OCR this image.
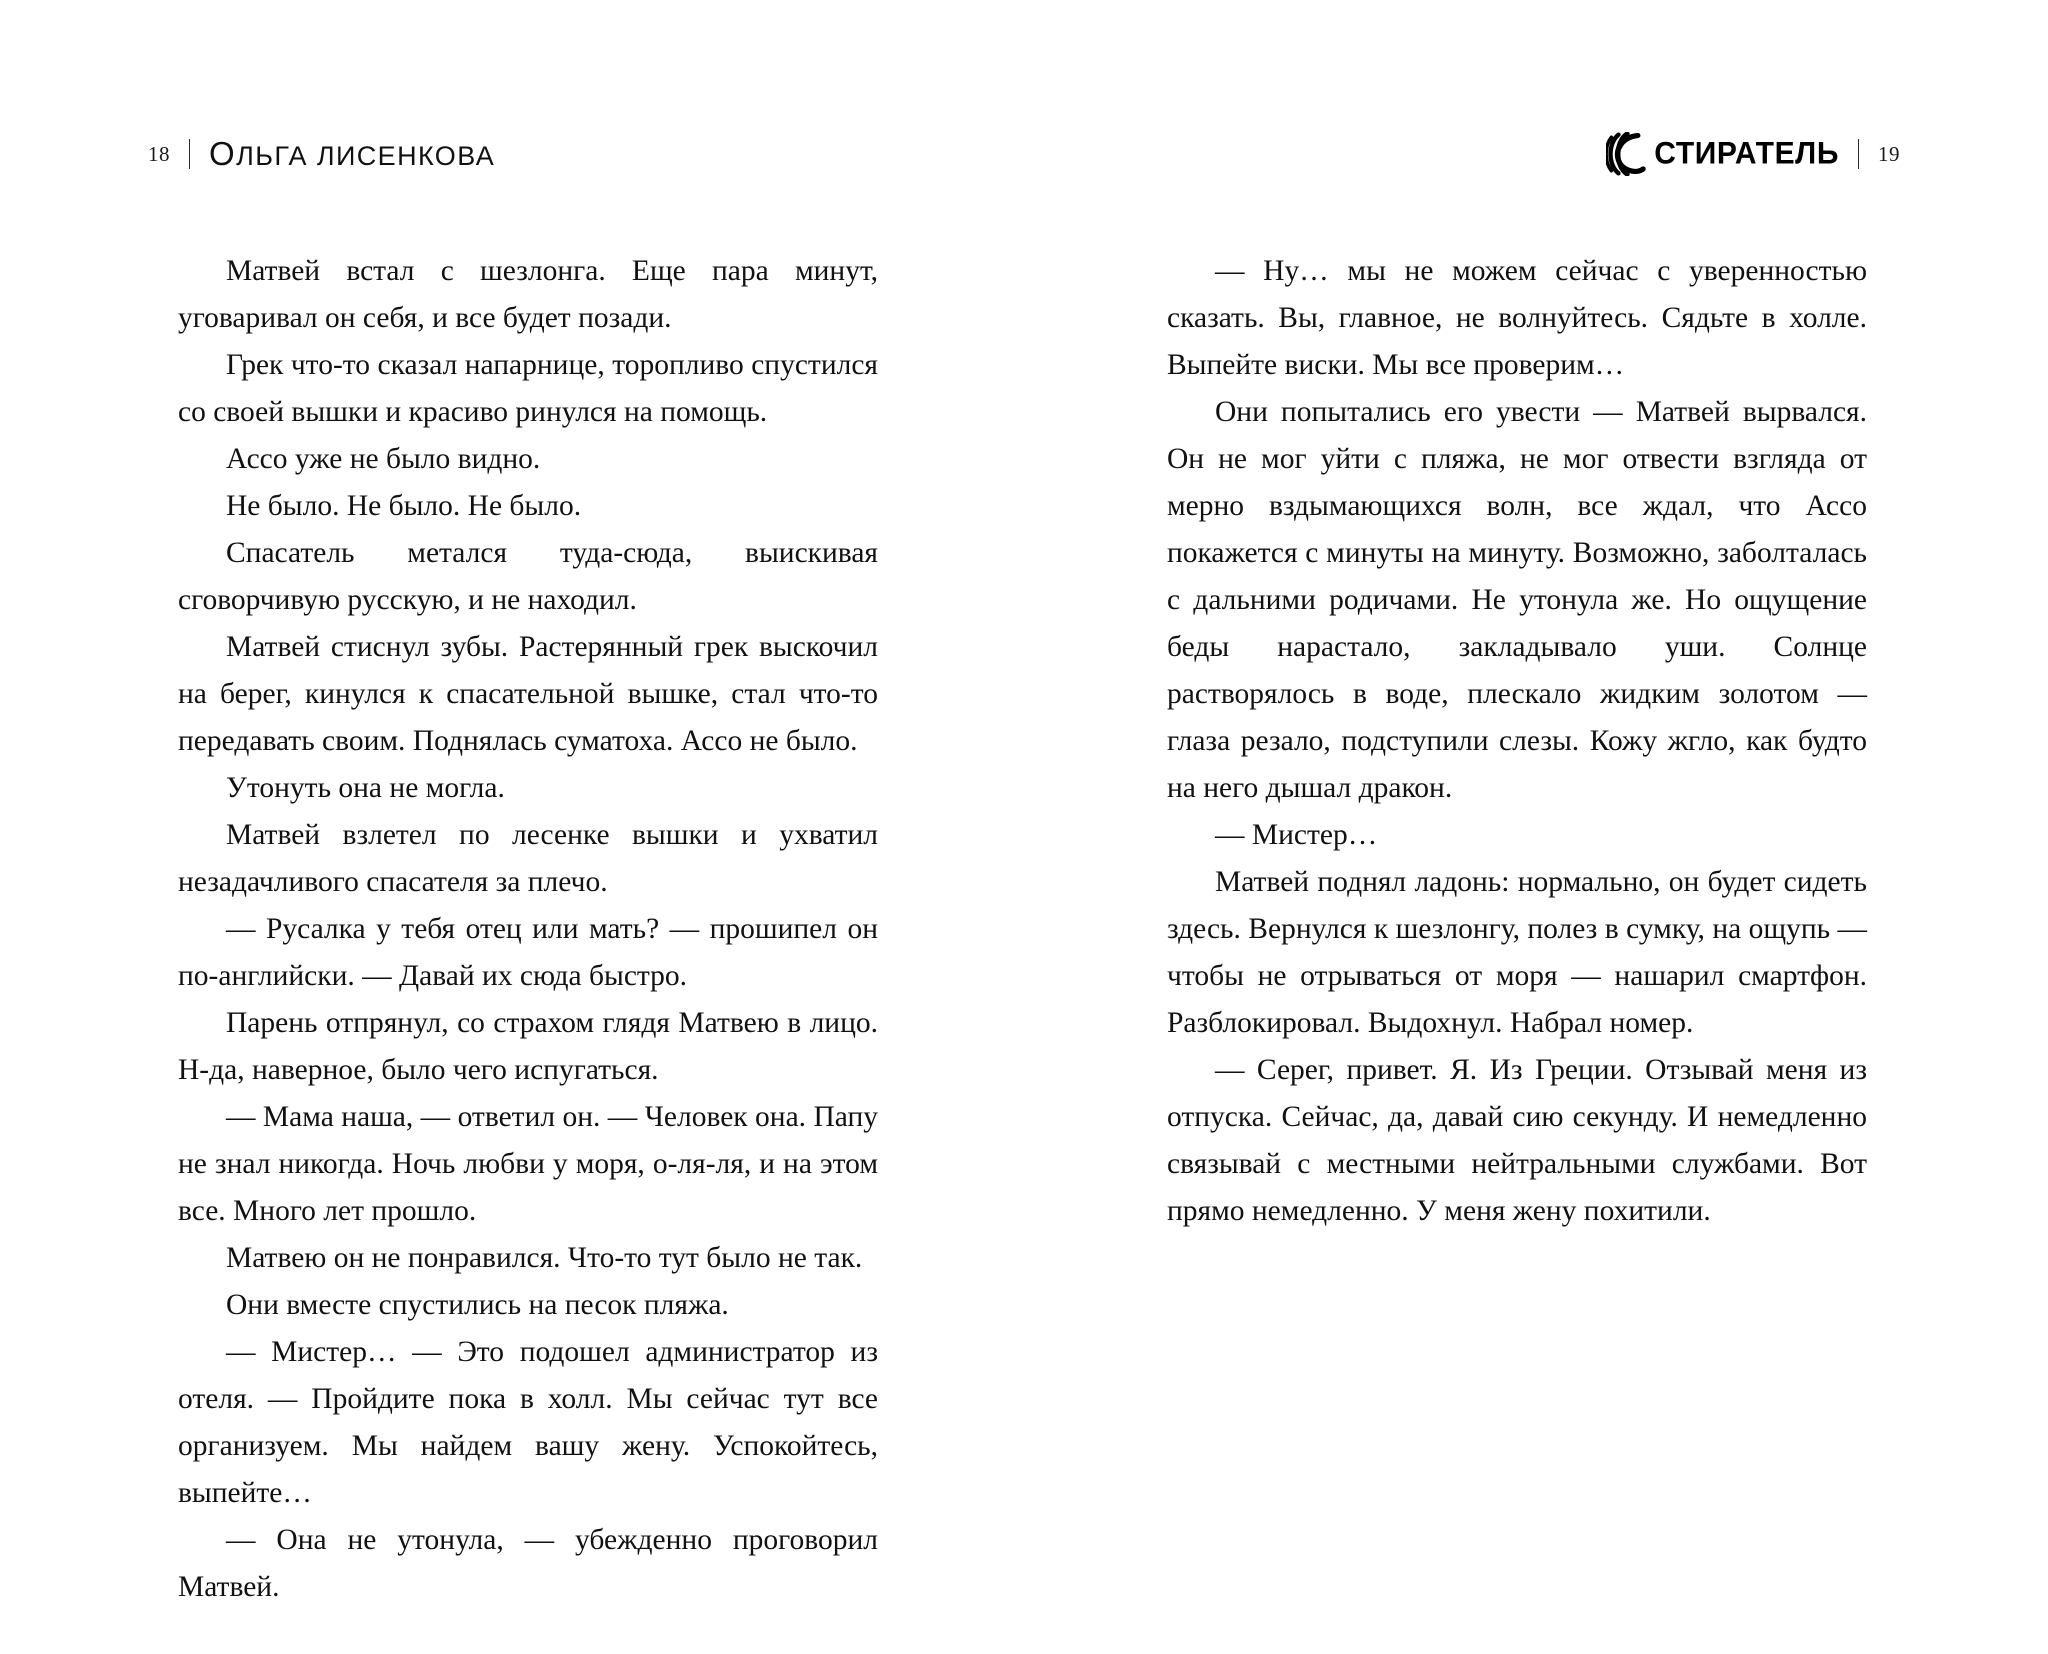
18 ОЛЬГА ЛИСЕНКОВА	СТИРАТЕЛЬ 19

Матвей встал с шезлонга. Еще пара минут, уговаривал он себя, и все будет позади.

Грек что-то сказал напарнице, торопливо спустился со своей вышки и красиво ринулся на помощь.

Ассо уже не было видно.

Не было. Не было. Не было.

Спасатель метался туда-сюда, выискивая сговорчивую русскую, и не находил.

Матвей стиснул зубы. Растерянный грек выскочил на берег, кинулся к спасательной вышке, стал что-то передавать своим. Поднялась суматоха. Ассо не было.

Утонуть она не могла.

Матвей взлетел по лесенке вышки и ухватил незадачливого спасателя за плечо.

— Русалка у тебя отец или мать? — прошипел он по-английски. — Давай их сюда быстро.

Парень отпрянул, со страхом глядя Матвею в лицо. Н-да, наверное, было чего испугаться.

— Мама наша, — ответил он. — Человек она. Папу не знал никогда. Ночь любви у моря, о-ля-ля, и на этом все. Много лет прошло.

Матвею он не понравился. Что-то тут было не так.

Они вместе спустились на песок пляжа.

— Мистер… — Это подошел администратор из отеля. — Пройдите пока в холл. Мы сейчас тут все организуем. Мы найдем вашу жену. Успокойтесь, выпейте…

— Она не утонула, — убежденно проговорил Матвей.

— Ну… мы не можем сейчас с уверенностью сказать. Вы, главное, не волнуйтесь. Сядьте в холле. Выпейте виски. Мы все проверим…

Они попытались его увести — Матвей вырвался. Он не мог уйти с пляжа, не мог отвести взгляда от мерно вздымающихся волн, все ждал, что Ассо покажется с минуты на минуту. Возможно, заболталась с дальними родичами. Не утонула же. Но ощущение беды нарастало, закладывало уши. Солнце растворялось в воде, плескало жидким золотом — глаза резало, подступили слезы. Кожу жгло, как будто на него дышал дракон.

— Мистер…

Матвей поднял ладонь: нормально, он будет сидеть здесь. Вернулся к шезлонгу, полез в сумку, на ощупь — чтобы не отрываться от моря — нашарил смартфон. Разблокировал. Выдохнул. Набрал номер.

— Серег, привет. Я. Из Греции. Отзывай меня из отпуска. Сейчас, да, давай сию секунду. И немедленно связывай с местными нейтральными службами. Вот прямо немедленно. У меня жену похитили.
